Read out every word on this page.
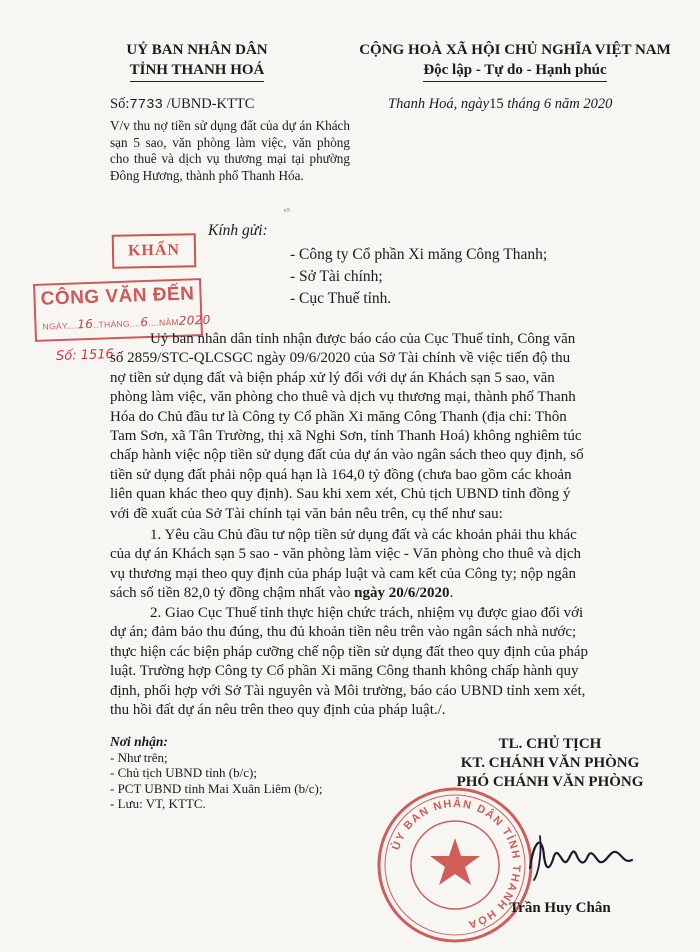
UỶ BAN NHÂN DÂN
TỈNH THANH HOÁ
CỘNG HOÀ XÃ HỘI CHỦ NGHĨA VIỆT NAM
Độc lập - Tự do - Hạnh phúc
Số:7733 /UBND-KTTC	Thanh Hoá, ngày15 tháng 6 năm 2020
V/v thu nợ tiền sử dụng đất của dự án Khách sạn 5 sao, văn phòng làm việc, văn phòng cho thuê và dịch vụ thương mại tại phường Đông Hương, thành phố Thanh Hóa.
ⁿ⁵
KHẨN
CÔNG VĂN ĐẾN
NGÀY....16..THÁNG....6....NĂM2020
Số: 1516
Kính gửi:
- Công ty Cổ phần Xi măng Công Thanh;
- Sở Tài chính;
- Cục Thuế tỉnh.

Uỷ ban nhân dân tỉnh nhận được báo cáo của Cục Thuế tỉnh, Công văn

số 2859/STC-QLCSGC ngày 09/6/2020 của Sở Tài chính về việc tiến độ thu

nợ tiền sử dụng đất và biện pháp xử lý đối với dự án Khách sạn 5 sao, văn

phòng làm việc, văn phòng cho thuê và dịch vụ thương mại, thành phố Thanh

Hóa do Chủ đầu tư là Công ty Cổ phần Xi măng Công Thanh (địa chỉ: Thôn

Tam Sơn, xã Tân Trường, thị xã Nghi Sơn, tỉnh Thanh Hoá) không nghiêm túc

chấp hành việc nộp tiền sử dụng đất của dự án vào ngân sách theo quy định, số

tiền sử dụng đất phải nộp quá hạn là 164,0 tỷ đồng (chưa bao gồm các khoản

liên quan khác theo quy định). Sau khi xem xét, Chủ tịch UBND tỉnh đồng ý

với đề xuất của Sở Tài chính tại văn bản nêu trên, cụ thể như sau:

1. Yêu cầu Chủ đầu tư nộp tiền sử dụng đất và các khoản phải thu khác

của dự án Khách sạn 5 sao - văn phòng làm việc - Văn phòng cho thuê và dịch

vụ thương mại theo quy định của pháp luật và cam kết của Công ty; nộp ngân

sách số tiền 82,0 tỷ đồng chậm nhất vào ngày 20/6/2020.

2. Giao Cục Thuế tỉnh thực hiện chức trách, nhiệm vụ được giao đối với

dự án; đảm bảo thu đúng, thu đủ khoản tiền nêu trên vào ngân sách nhà nước;

thực hiện các biện pháp cưỡng chế nộp tiền sử dụng đất theo quy định của pháp

luật. Trường hợp Công ty Cổ phần Xi măng Công thanh không chấp hành quy

định, phối hợp với Sở Tài nguyên và Môi trường, báo cáo UBND tỉnh xem xét,

thu hồi đất dự án nêu trên theo quy định của pháp luật./.

Nơi nhận:
- Như trên;
- Chủ tịch UBND tỉnh (b/c);
- PCT UBND tỉnh Mai Xuân Liêm (b/c);
- Lưu: VT, KTTC.
TL. CHỦ TỊCH
KT. CHÁNH VĂN PHÒNG
PHÓ CHÁNH VĂN PHÒNG
ỦY BAN NHÂN DÂN TỈNH THANH HÓA
Trần Huy Chân
